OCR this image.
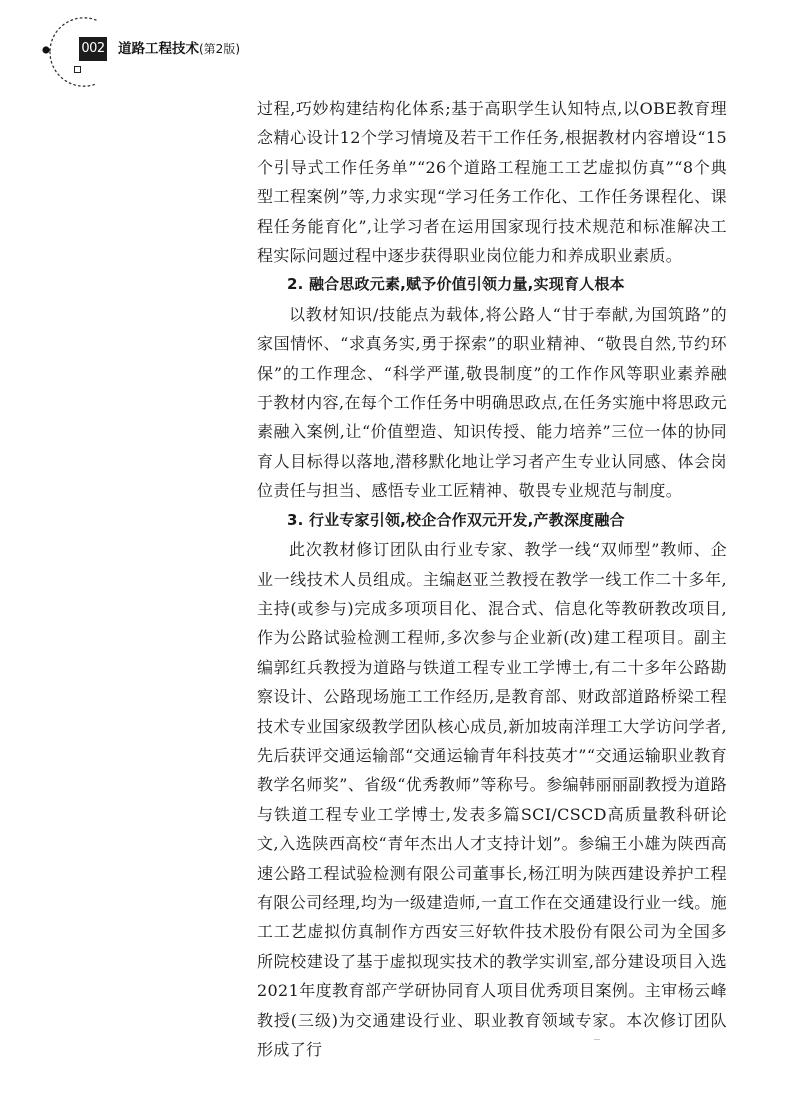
002 道路工程技术(第2版)

过程,巧妙构建结构化体系;基于高职学生认知特点,以OBE教育理念精心设计12个学习情境及若干工作任务,根据教材内容增设“15个引导式工作任务单”“26个道路工程施工工艺虚拟仿真”“8个典型工程案例”等,力求实现“学习任务工作化、工作任务课程化、课程任务能育化”,让学习者在运用国家现行技术规范和标准解决工程实际问题过程中逐步获得职业岗位能力和养成职业素质。

2. 融合思政元素,赋予价值引领力量,实现育人根本

以教材知识/技能点为载体,将公路人“甘于奉献,为国筑路”的家国情怀、“求真务实,勇于探索”的职业精神、“敬畏自然,节约环保”的工作理念、“科学严谨,敬畏制度”的工作作风等职业素养融于教材内容,在每个工作任务中明确思政点,在任务实施中将思政元素融入案例,让“价值塑造、知识传授、能力培养”三位一体的协同育人目标得以落地,潜移默化地让学习者产生专业认同感、体会岗位责任与担当、感悟专业工匠精神、敬畏专业规范与制度。

3. 行业专家引领,校企合作双元开发,产教深度融合

此次教材修订团队由行业专家、教学一线“双师型”教师、企业一线技术人员组成。主编赵亚兰教授在教学一线工作二十多年,主持(或参与)完成多项项目化、混合式、信息化等教研教改项目,作为公路试验检测工程师,多次参与企业新(改)建工程项目。副主编郭红兵教授为道路与铁道工程专业工学博士,有二十多年公路勘察设计、公路现场施工工作经历,是教育部、财政部道路桥梁工程技术专业国家级教学团队核心成员,新加坡南洋理工大学访问学者,先后获评交通运输部“交通运输青年科技英才”“交通运输职业教育教学名师奖”、省级“优秀教师”等称号。参编韩丽丽副教授为道路与铁道工程专业工学博士,发表多篇SCI/CSCD高质量教科研论文,入选陕西高校“青年杰出人才支持计划”。参编王小雄为陕西高速公路工程试验检测有限公司董事长,杨江明为陕西建设养护工程有限公司经理,均为一级建造师,一直工作在交通建设行业一线。施工工艺虚拟仿真制作方西安三好软件技术股份有限公司为全国多所院校建设了基于虚拟现实技术的教学实训室,部分建设项目入选2021年度教育部产学研协同育人项目优秀项目案例。主审杨云峰教授(三级)为交通建设行业、职业教育领域专家。本次修订团队形成了行
